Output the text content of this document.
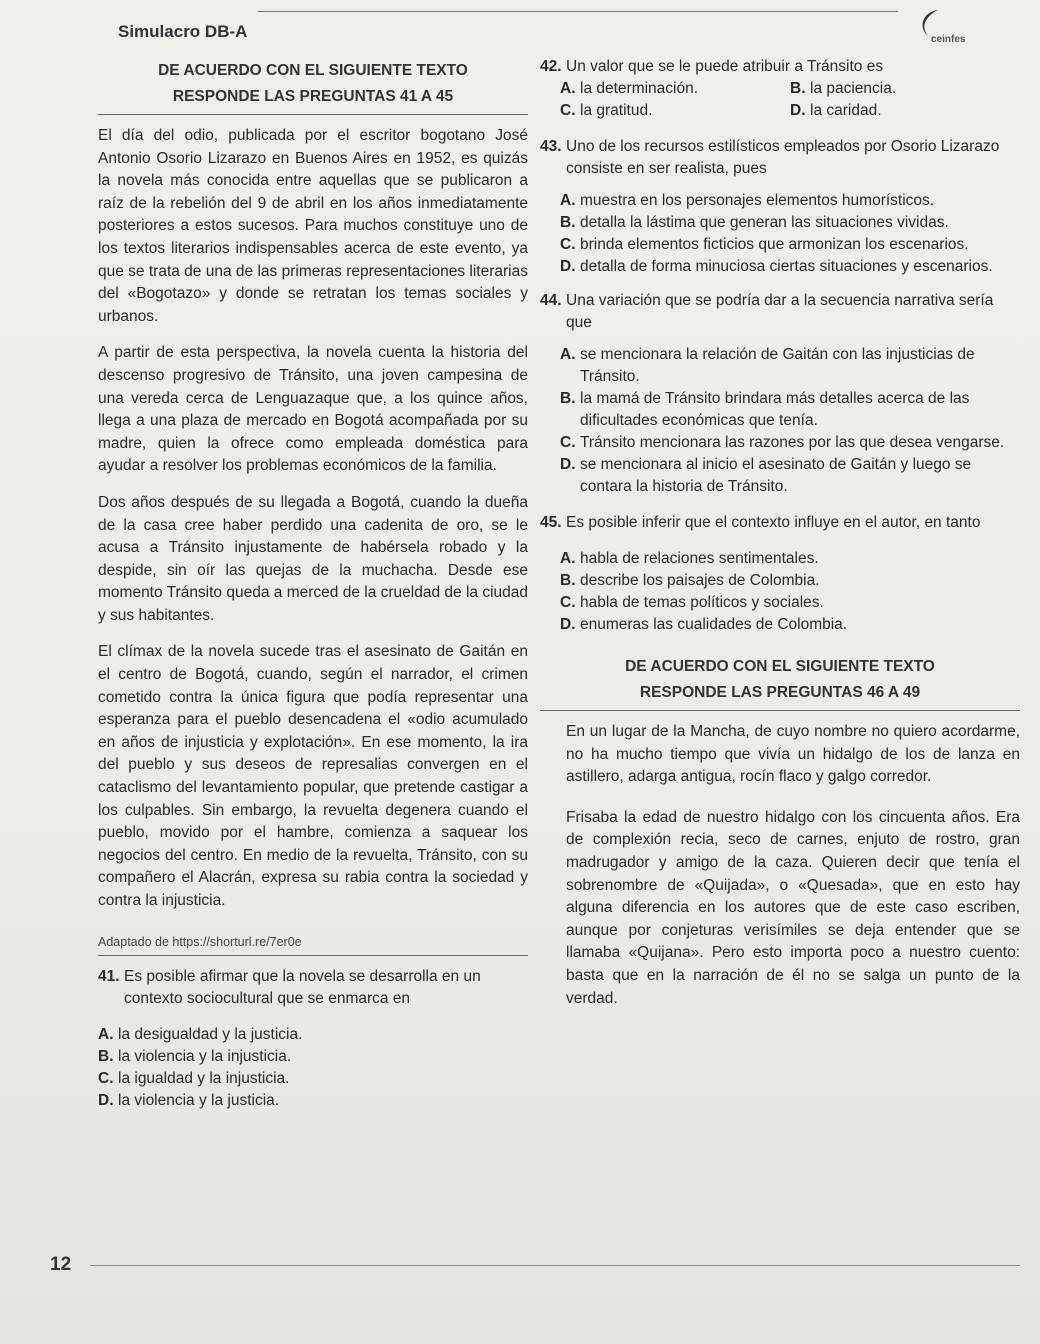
Simulacro DB-A	ceinfes
DE ACUERDO CON EL SIGUIENTE TEXTO
RESPONDE LAS PREGUNTAS 41 A 45

El día del odio, publicada por el escritor bogotano José Antonio Osorio Lizarazo en Buenos Aires en 1952, es quizás la novela más conocida entre aquellas que se publicaron a raíz de la rebelión del 9 de abril en los años inmediatamente posteriores a estos sucesos. Para muchos constituye uno de los textos literarios indispensables acerca de este evento, ya que se trata de una de las primeras representaciones literarias del «Bogotazo» y donde se retratan los temas sociales y urbanos.

A partir de esta perspectiva, la novela cuenta la historia del descenso progresivo de Tránsito, una joven campesina de una vereda cerca de Lenguazaque que, a los quince años, llega a una plaza de mercado en Bogotá acompañada por su madre, quien la ofrece como empleada doméstica para ayudar a resolver los problemas económicos de la familia.

Dos años después de su llegada a Bogotá, cuando la dueña de la casa cree haber perdido una cadenita de oro, se le acusa a Tránsito injustamente de habérsela robado y la despide, sin oír las quejas de la muchacha. Desde ese momento Tránsito queda a merced de la crueldad de la ciudad y sus habitantes.

El clímax de la novela sucede tras el asesinato de Gaitán en el centro de Bogotá, cuando, según el narrador, el crimen cometido contra la única figura que podía representar una esperanza para el pueblo desencadena el «odio acumulado en años de injusticia y explotación». En ese momento, la ira del pueblo y sus deseos de represalias convergen en el cataclismo del levantamiento popular, que pretende castigar a los culpables. Sin embargo, la revuelta degenera cuando el pueblo, movido por el hambre, comienza a saquear los negocios del centro. En medio de la revuelta, Tránsito, con su compañero el Alacrán, expresa su rabia contra la sociedad y contra la injusticia.

Adaptado de https://shorturl.re/7er0e
41. Es posible afirmar que la novela se desarrolla en un contexto sociocultural que se enmarca en
A. la desigualdad y la justicia.
B. la violencia y la injusticia.
C. la igualdad y la injusticia.
D. la violencia y la justicia.
42. Un valor que se le puede atribuir a Tránsito es
A. la determinación.	B. la paciencia.
C. la gratitud.	D. la caridad.
43. Uno de los recursos estilísticos empleados por Osorio Lizarazo consiste en ser realista, pues
A. muestra en los personajes elementos humorísticos.
B. detalla la lástima que generan las situaciones vividas.
C. brinda elementos ficticios que armonizan los escenarios.
D. detalla de forma minuciosa ciertas situaciones y escenarios.
44. Una variación que se podría dar a la secuencia narrativa sería que
A. se mencionara la relación de Gaitán con las injusticias de Tránsito.
B. la mamá de Tránsito brindara más detalles acerca de las dificultades económicas que tenía.
C. Tránsito mencionara las razones por las que desea vengarse.
D. se mencionara al inicio el asesinato de Gaitán y luego se contara la historia de Tránsito.
45. Es posible inferir que el contexto influye en el autor, en tanto
A. habla de relaciones sentimentales.
B. describe los paisajes de Colombia.
C. habla de temas políticos y sociales.
D. enumeras las cualidades de Colombia.
DE ACUERDO CON EL SIGUIENTE TEXTO
RESPONDE LAS PREGUNTAS 46 A 49

En un lugar de la Mancha, de cuyo nombre no quiero acordarme, no ha mucho tiempo que vivía un hidalgo de los de lanza en astillero, adarga antigua, rocín flaco y galgo corredor.

Frisaba la edad de nuestro hidalgo con los cincuenta años. Era de complexión recia, seco de carnes, enjuto de rostro, gran madrugador y amigo de la caza. Quieren decir que tenía el sobrenombre de «Quijada», o «Quesada», que en esto hay alguna diferencia en los autores que de este caso escriben, aunque por conjeturas verisímiles se deja entender que se llamaba «Quijana». Pero esto importa poco a nuestro cuento: basta que en la narración de él no se salga un punto de la verdad.

12
